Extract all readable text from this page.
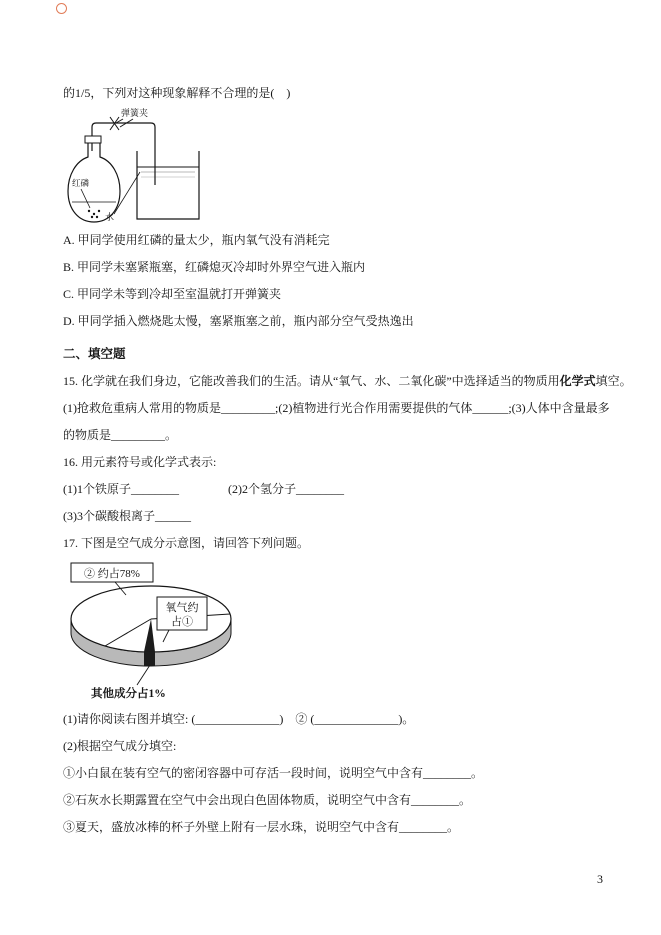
的1/5，下列对这种现象解释不合理的是(　)
弹簧夹
红磷
水
A. 甲同学使用红磷的量太少，瓶内氧气没有消耗完
B. 甲同学未塞紧瓶塞，红磷熄灭冷却时外界空气进入瓶内
C. 甲同学未等到冷却至室温就打开弹簧夹
D. 甲同学插入燃烧匙太慢，塞紧瓶塞之前，瓶内部分空气受热逸出
二、填空题
15. 化学就在我们身边，它能改善我们的生活。请从“氧气、水、二氧化碳”中选择适当的物质用化学式填空。
(1)抢救危重病人常用的物质是_________;(2)植物进行光合作用需要提供的气体______;(3)人体中含量最多
的物质是_________。
16. 用元素符号或化学式表示:
(1)1个铁原子________	(2)2个氢分子________
(3)3个碳酸根离子______
17. 下图是空气成分示意图，请回答下列问题。
② 约占78%
氧气约
占①
其他成分占1%
(1)请你阅读右图并填空: (______________)　② (______________)。
(2)根据空气成分填空:
①小白鼠在装有空气的密闭容器中可存活一段时间，说明空气中含有________。
②石灰水长期露置在空气中会出现白色固体物质，说明空气中含有________。
③夏天，盛放冰棒的杯子外壁上附有一层水珠，说明空气中含有________。
3
